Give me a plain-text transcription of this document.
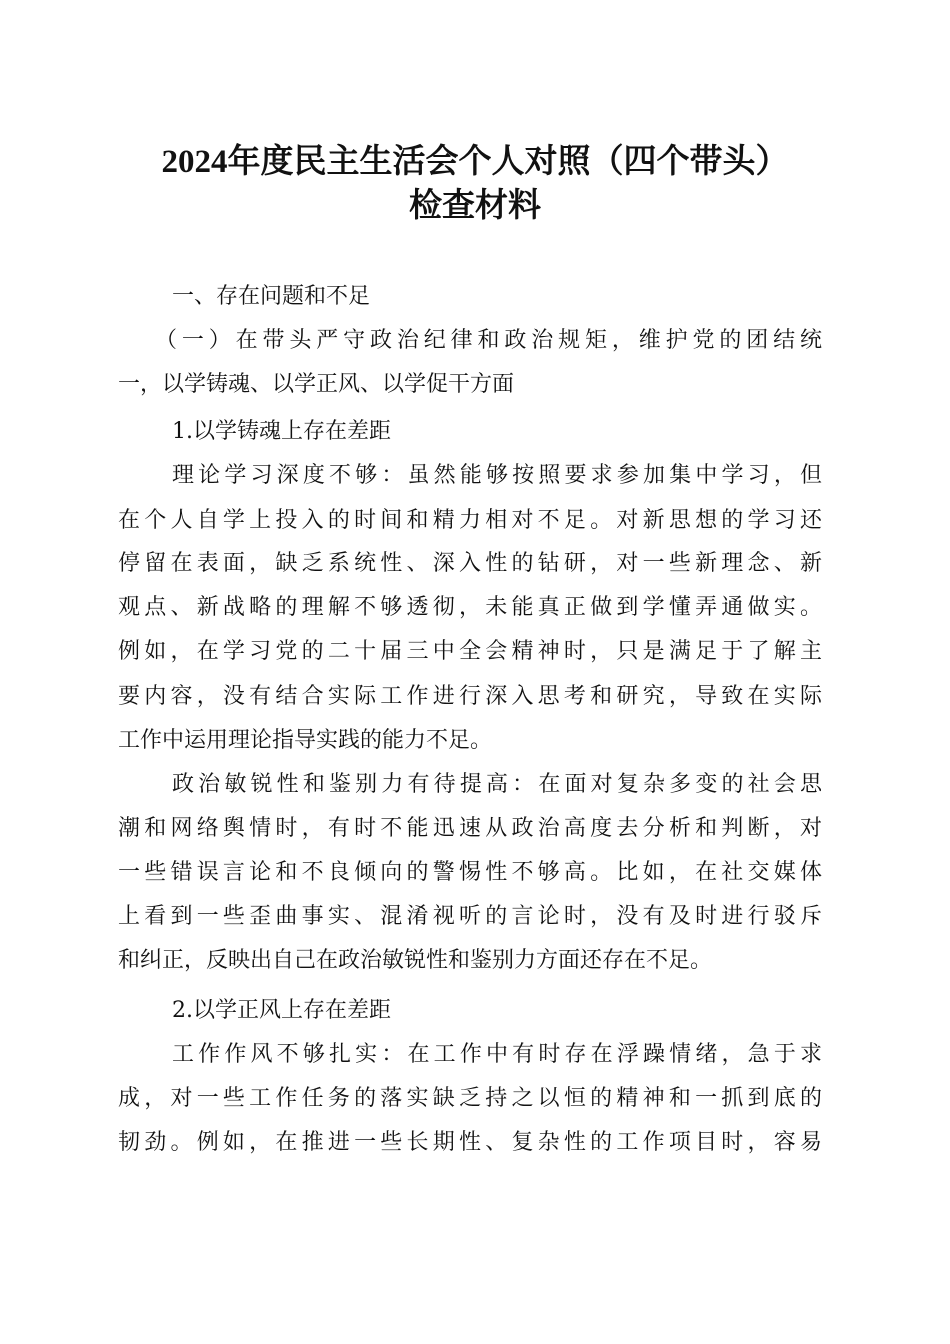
2024年度民主生活会个人对照（四个带头）
检查材料
一、存在问题和不足
（一）在带头严守政治纪律和政治规矩，维护党的团结统
一，以学铸魂、以学正风、以学促干方面
1.以学铸魂上存在差距
理论学习深度不够：虽然能够按照要求参加集中学习，但
在个人自学上投入的时间和精力相对不足。对新思想的学习还
停留在表面，缺乏系统性、深入性的钻研，对一些新理念、新
观点、新战略的理解不够透彻，未能真正做到学懂弄通做实。
例如，在学习党的二十届三中全会精神时，只是满足于了解主
要内容，没有结合实际工作进行深入思考和研究，导致在实际
工作中运用理论指导实践的能力不足。
政治敏锐性和鉴别力有待提高：在面对复杂多变的社会思
潮和网络舆情时，有时不能迅速从政治高度去分析和判断，对
一些错误言论和不良倾向的警惕性不够高。比如，在社交媒体
上看到一些歪曲事实、混淆视听的言论时，没有及时进行驳斥
和纠正，反映出自己在政治敏锐性和鉴别力方面还存在不足。
2.以学正风上存在差距
工作作风不够扎实：在工作中有时存在浮躁情绪，急于求
成，对一些工作任务的落实缺乏持之以恒的精神和一抓到底的
韧劲。例如，在推进一些长期性、复杂性的工作项目时，容易
